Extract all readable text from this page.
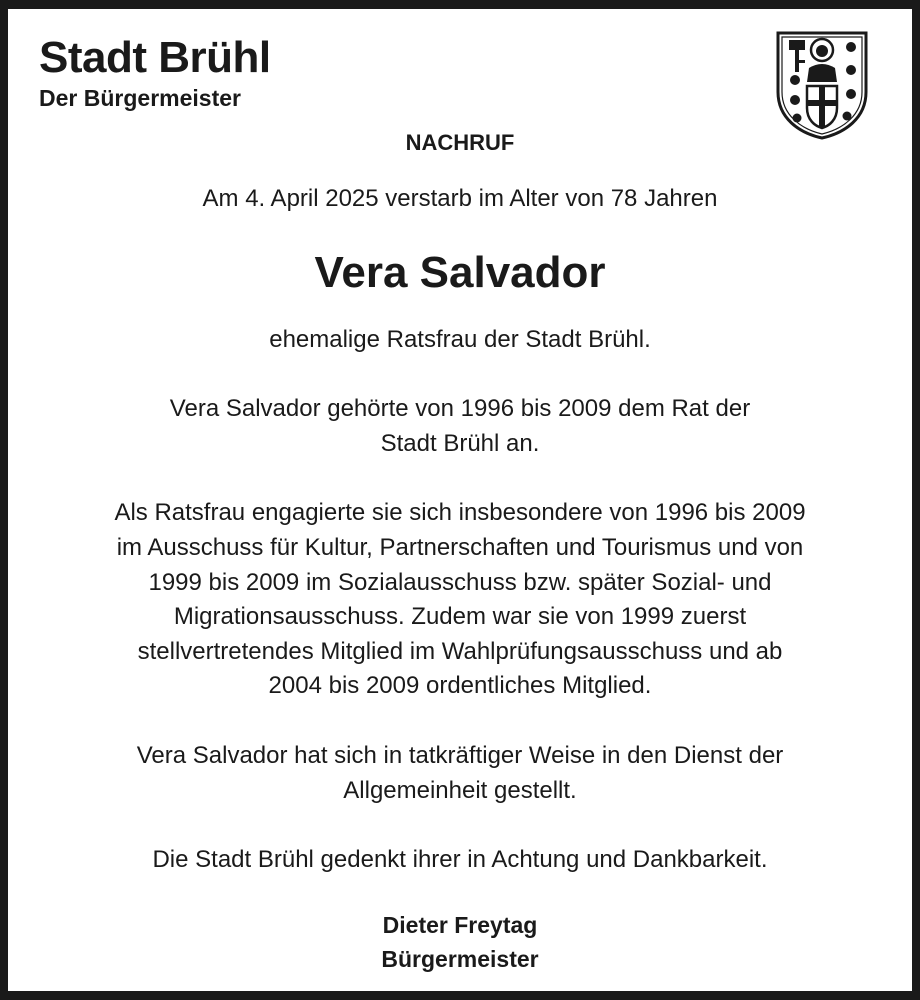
Stadt Brühl
Der Bürgermeister

NACHRUF

Am 4. April 2025 verstarb im Alter von 78 Jahren

Vera Salvador

ehemalige Ratsfrau der Stadt Brühl.

Vera Salvador gehörte von 1996 bis 2009 dem Rat der

Stadt Brühl an.

Als Ratsfrau engagierte sie sich insbesondere von 1996 bis 2009

im Ausschuss für Kultur, Partnerschaften und Tourismus und von

1999 bis 2009 im Sozialausschuss bzw. später Sozial- und

Migrationsausschuss. Zudem war sie von 1999 zuerst

stellvertretendes Mitglied im Wahlprüfungsausschuss und ab

2004 bis 2009 ordentliches Mitglied.

Vera Salvador hat sich in tatkräftiger Weise in den Dienst der

Allgemeinheit gestellt.

Die Stadt Brühl gedenkt ihrer in Achtung und Dankbarkeit.

Dieter Freytag

Bürgermeister
